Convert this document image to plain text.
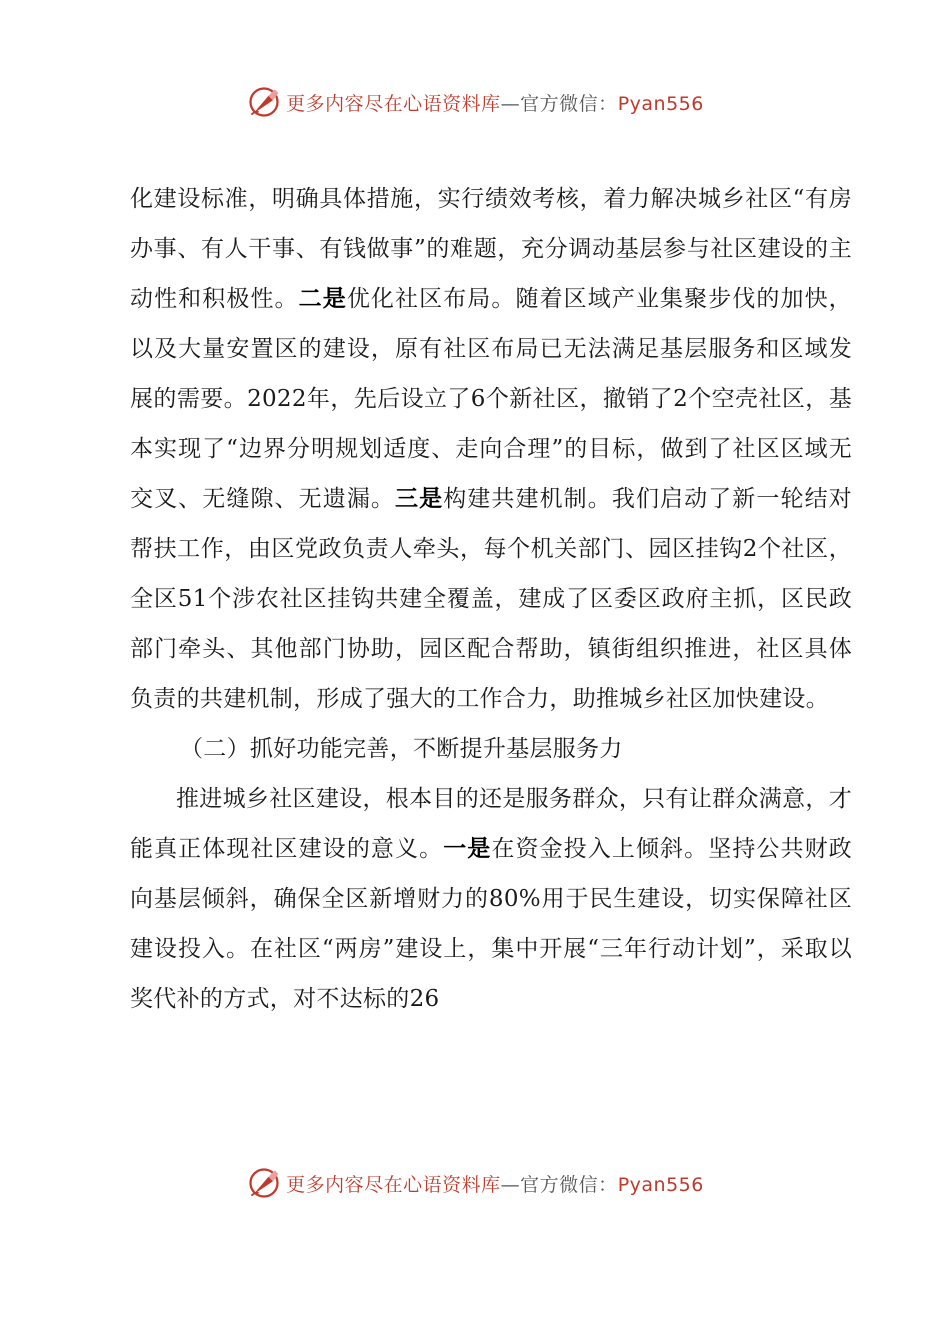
更多内容尽在心语资料库—官方微信：Pyan556

化建设标准，明确具体措施，实行绩效考核，着力解决城乡社区“有房办事、有人干事、有钱做事”的难题，充分调动基层参与社区建设的主动性和积极性。二是优化社区布局。随着区域产业集聚步伐的加快，以及大量安置区的建设，原有社区布局已无法满足基层服务和区域发展的需要。2022年，先后设立了6个新社区，撤销了2个空壳社区，基本实现了“边界分明规划适度、走向合理”的目标，做到了社区区域无交叉、无缝隙、无遗漏。三是构建共建机制。我们启动了新一轮结对帮扶工作，由区党政负责人牵头，每个机关部门、园区挂钩2个社区，全区51个涉农社区挂钩共建全覆盖，建成了区委区政府主抓，区民政部门牵头、其他部门协助，园区配合帮助，镇街组织推进，社区具体负责的共建机制，形成了强大的工作合力，助推城乡社区加快建设。

（二）抓好功能完善，不断提升基层服务力

推进城乡社区建设，根本目的还是服务群众，只有让群众满意，才能真正体现社区建设的意义。一是在资金投入上倾斜。坚持公共财政向基层倾斜，确保全区新增财力的80%用于民生建设，切实保障社区建设投入。在社区“两房”建设上，集中开展“三年行动计划”，采取以奖代补的方式，对不达标的26

更多内容尽在心语资料库—官方微信：Pyan556
